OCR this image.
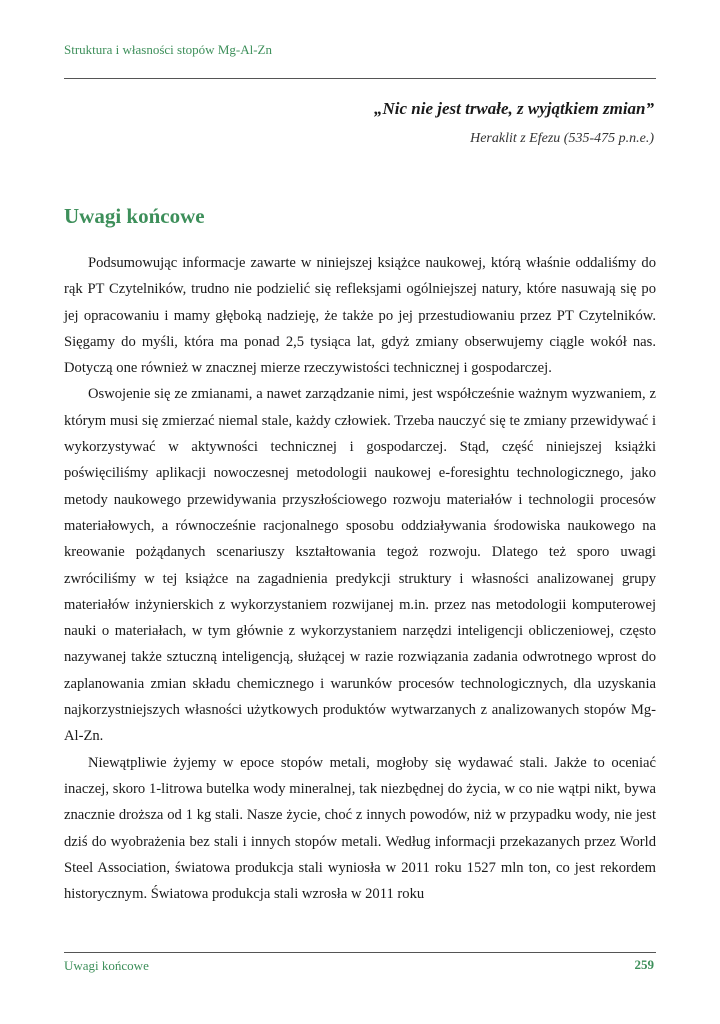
Struktura i własności stopów Mg-Al-Zn
„Nic nie jest trwałe, z wyjątkiem zmian”
Heraklit z Efezu (535-475 p.n.e.)
Uwagi końcowe

Podsumowując informacje zawarte w niniejszej książce naukowej, którą właśnie oddaliśmy do rąk PT Czytelników, trudno nie podzielić się refleksjami ogólniejszej natury, które nasuwają się po jej opracowaniu i mamy głęboką nadzieję, że także po jej przestudiowaniu przez PT Czytelników. Sięgamy do myśli, która ma ponad 2,5 tysiąca lat, gdyż zmiany obserwujemy ciągle wokół nas. Dotyczą one również w znacznej mierze rzeczywistości technicznej i gospodarczej.

Oswojenie się ze zmianami, a nawet zarządzanie nimi, jest współcześnie ważnym wyzwaniem, z którym musi się zmierzać niemal stale, każdy człowiek. Trzeba nauczyć się te zmiany przewidywać i wykorzystywać w aktywności technicznej i gospodarczej. Stąd, część niniejszej książki poświęciliśmy aplikacji nowoczesnej metodologii naukowej e-foresightu technologicznego, jako metody naukowego przewidywania przyszłościowego rozwoju materiałów i technologii procesów materiałowych, a równocześnie racjonalnego sposobu oddziaływania środowiska naukowego na kreowanie pożądanych scenariuszy kształtowania tegoż rozwoju. Dlatego też sporo uwagi zwróciliśmy w tej książce na zagadnienia predykcji struktury i własności analizowanej grupy materiałów inżynierskich z wykorzystaniem rozwijanej m.in. przez nas metodologii komputerowej nauki o materiałach, w tym głównie z wykorzystaniem narzędzi inteligencji obliczeniowej, często nazywanej także sztuczną inteligencją, służącej w razie rozwiązania zadania odwrotnego wprost do zaplanowania zmian składu chemicznego i warunków procesów technologicznych, dla uzyskania najkorzystniejszych własności użytkowych produktów wytwarzanych z analizowanych stopów Mg-Al-Zn.

Niewątpliwie żyjemy w epoce stopów metali, mogłoby się wydawać stali. Jakże to oceniać inaczej, skoro 1-litrowa butelka wody mineralnej, tak niezbędnej do życia, w co nie wątpi nikt, bywa znacznie droższa od 1 kg stali. Nasze życie, choć z innych powodów, niż w przypadku wody, nie jest dziś do wyobrażenia bez stali i innych stopów metali. Według informacji przekazanych przez World Steel Association, światowa produkcja stali wyniosła w 2011 roku 1527 mln ton, co jest rekordem historycznym. Światowa produkcja stali wzrosła w 2011 roku

Uwagi końcowe	259
